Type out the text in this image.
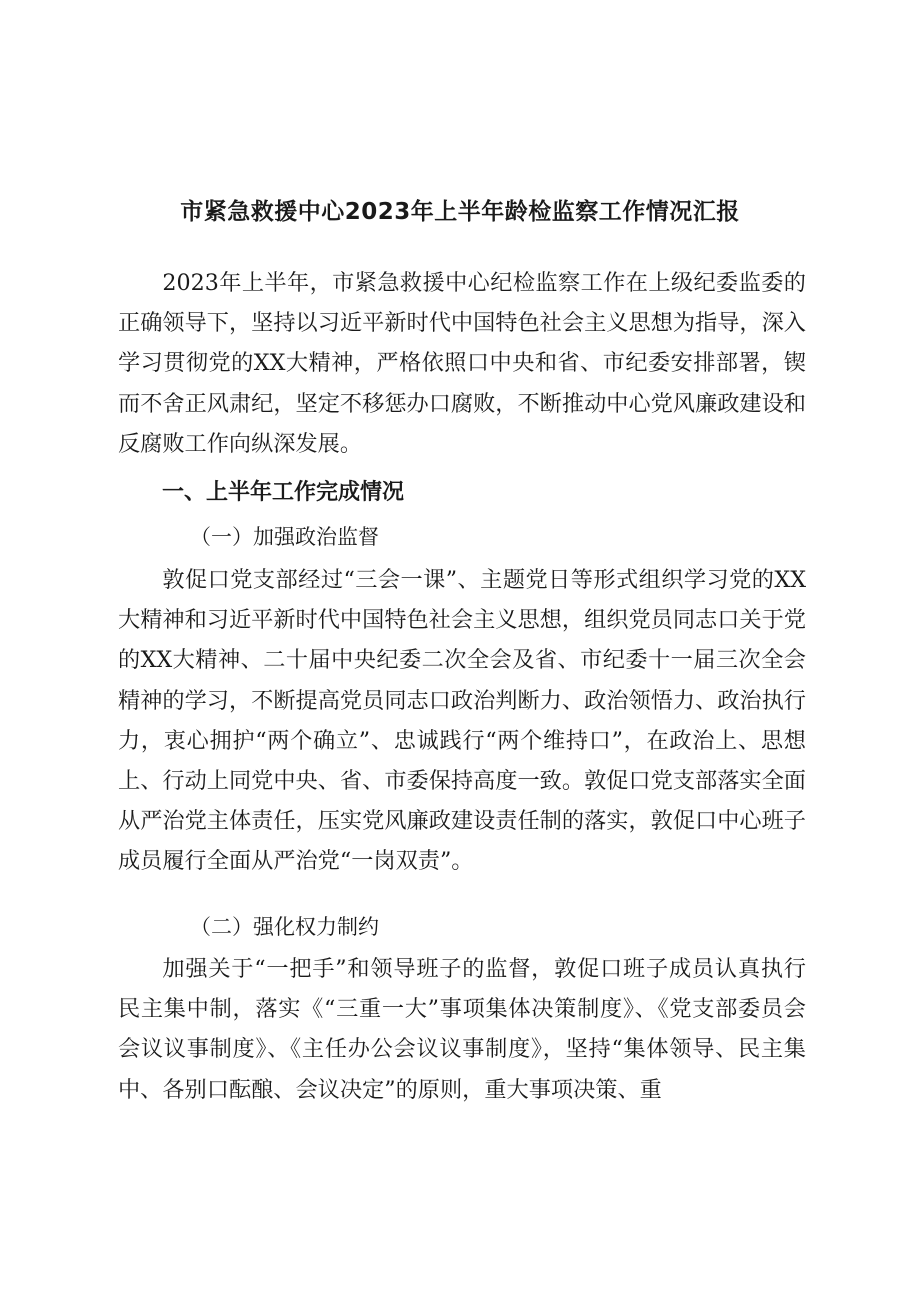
市紧急救援中心2023年上半年龄检监察工作情况汇报

2023年上半年，市紧急救援中心纪检监察工作在上级纪委监委的正确领导下，坚持以习近平新时代中国特色社会主义思想为指导，深入学习贯彻党的XX大精神，严格依照口中央和省、市纪委安排部署，锲而不舍正风肃纪，坚定不移惩办口腐败，不断推动中心党风廉政建设和反腐败工作向纵深发展。

一、上半年工作完成情况
（一）加强政治监督

敦促口党支部经过“三会一课”、主题党日等形式组织学习党的XX大精神和习近平新时代中国特色社会主义思想，组织党员同志口关于党的XX大精神、二十届中央纪委二次全会及省、市纪委十一届三次全会精神的学习，不断提高党员同志口政治判断力、政治领悟力、政治执行力，衷心拥护“两个确立”、忠诚践行“两个维持口”，在政治上、思想上、行动上同党中央、省、市委保持高度一致。敦促口党支部落实全面从严治党主体责任，压实党风廉政建设责任制的落实，敦促口中心班子成员履行全面从严治党“一岗双责”。

（二）强化权力制约

加强关于“一把手”和领导班子的监督，敦促口班子成员认真执行民主集中制，落实《“三重一大”事项集体决策制度》、《党支部委员会会议议事制度》、《主任办公会议议事制度》，坚持“集体领导、民主集中、各别口酝酿、会议决定”的原则，重大事项决策、重
